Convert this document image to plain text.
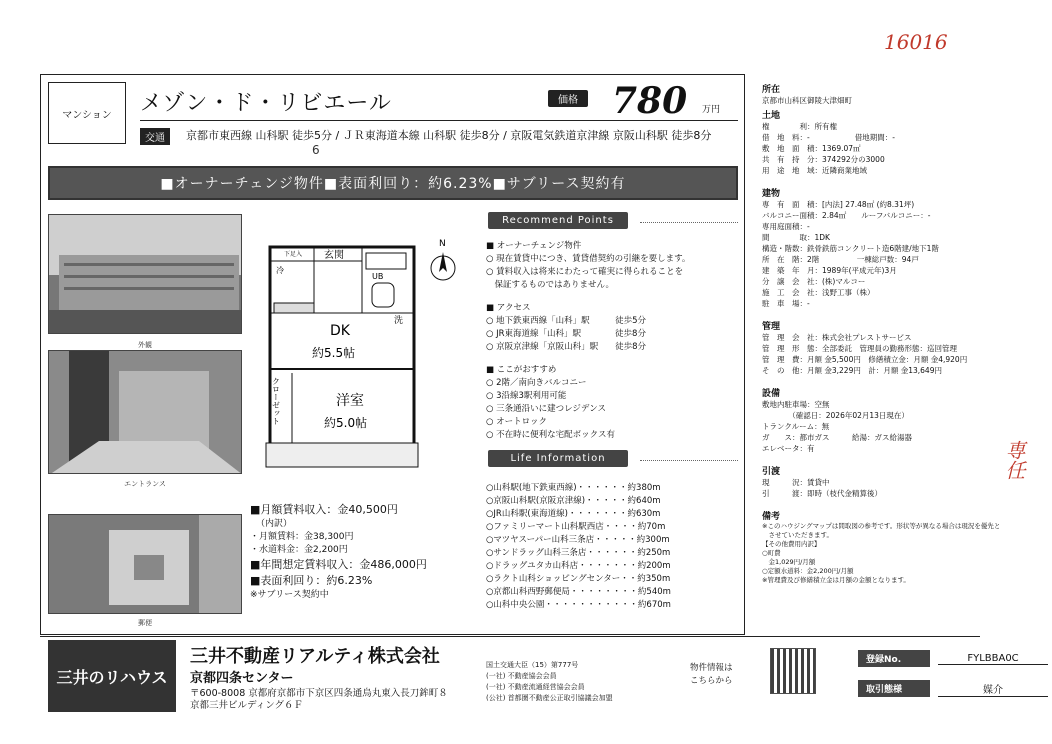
16016
専任
マンション	メゾン・ド・リビエール	価格 780 万円
交通	京都市東西線 山科駅 徒歩5分 / ＪＲ東海道本線 山科駅 徒歩8分 / 京阪電気鉄道京津線 京阪山科駅 徒歩8分
6
■オーナーチェンジ物件■表面利回り：約6.23%■サブリース契約有
外観
エントランス
郵便
玄関
下足入
冷
UB
洗
DK
約5.5帖
クローゼット	洋室
約5.0帖
N
Recommend Points
■ オーナーチェンジ物件
○ 現在賃貸中につき、賃貸借契約の引継を要します。
○ 賃料収入は将来にわたって確実に得られることを
　保証するものではありません。
■ アクセス
○ 地下鉄東西線「山科」駅　　　徒歩5分
○ JR東海道線「山科」駅　　　　徒歩8分
○ 京阪京津線「京阪山科」駅　　徒歩8分
■ ここがおすすめ
○ 2階／南向きバルコニー
○ 3沿線3駅利用可能
○ 三条通沿いに建つレジデンス
○ オートロック
○ 不在時に便利な宅配ボックス有
Life Information
○山科駅(地下鉄東西線)・・・・・・約380m
○京阪山科駅(京阪京津線)・・・・・約640m
○JR山科駅(東海道線)・・・・・・・約630m
○ファミリーマート山科駅西店・・・・約70m
○マツヤスーパー山科三条店・・・・・約300m
○サンドラッグ山科三条店・・・・・・約250m
○ドラッグユタカ山科店・・・・・・・約200m
○ラクト山科ショッピングセンター・・約350m
○京都山科西野郵便局・・・・・・・・約540m
○山科中央公園・・・・・・・・・・・約670m
■月額賃料収入：金40,500円
（内訳）
・月額賃料：金38,300円
・水道料金：金2,200円
■年間想定賃料収入：金486,000円
■表面利回り：約6.23%
※サブリース契約中
所在
京都市山科区御陵大津畑町
土地
権　　　　利：所有権
借　地　料：-　　　　　　借地期間：-
敷　地　面　積：1369.07㎡
共　有　持　分：374292分の3000
用　途　地　域：近隣商業地域
建物
専　有　面　積：[内法] 27.48㎡ (約8.31坪)
バルコニー面積：2.84㎡　　ルーフバルコニー：-
専用庭面積：-
間　　　　取：1DK
構造・階数：鉄骨鉄筋コンクリート造6階建/地下1階
所　在　階：2階　　　　　一棟総戸数：94戸
建　築　年　月：1989年(平成元年)3月
分　譲　会　社：(株)マルコー
施　工　会　社：浅野工事（株）
駐　車　場：-
管理
管　理　会　社：株式会社プレストサービス
管　理　形　態：全部委託　管理員の勤務形態：巡回管理
管　理　費：月額 金5,500円　修繕積立金：月額 金4,920円
そ　の　他：月額 金3,229円　計：月額 金13,649円
設備
敷地内駐車場：空無
　　　　（確認日：2026年02月13日現在）
トランクルーム：無
ガ　　ス：都市ガス　　　給湯：ガス給湯器
エレベータ：有
引渡
現　　　況：賃貸中
引　　　渡：即時（枝代金精算後）
備考
※このハウジングマップは間取図の参考です。形状等が異なる場合は現況を優先と
　させていただきます。
【その他費用内訳】
○町費
　金1,029円/月額
○定額水道料：金2,200円/月額
※管理費及び修繕積立金は月額の金額となります。
三井のリハウス
三井不動産リアルティ株式会社
京都四条センター
〒600-8008 京都府京都市下京区四条通烏丸東入長刀鉾町８
京都三井ビルディング６Ｆ
国土交通大臣（15）第777号
(一社) 不動産協会会員
(一社) 不動産流通経営協会会員
(公社) 首都圏不動産公正取引協議会加盟
物件情報は
こちらから
登録No.	FYLBBA0C
取引態様	媒介
